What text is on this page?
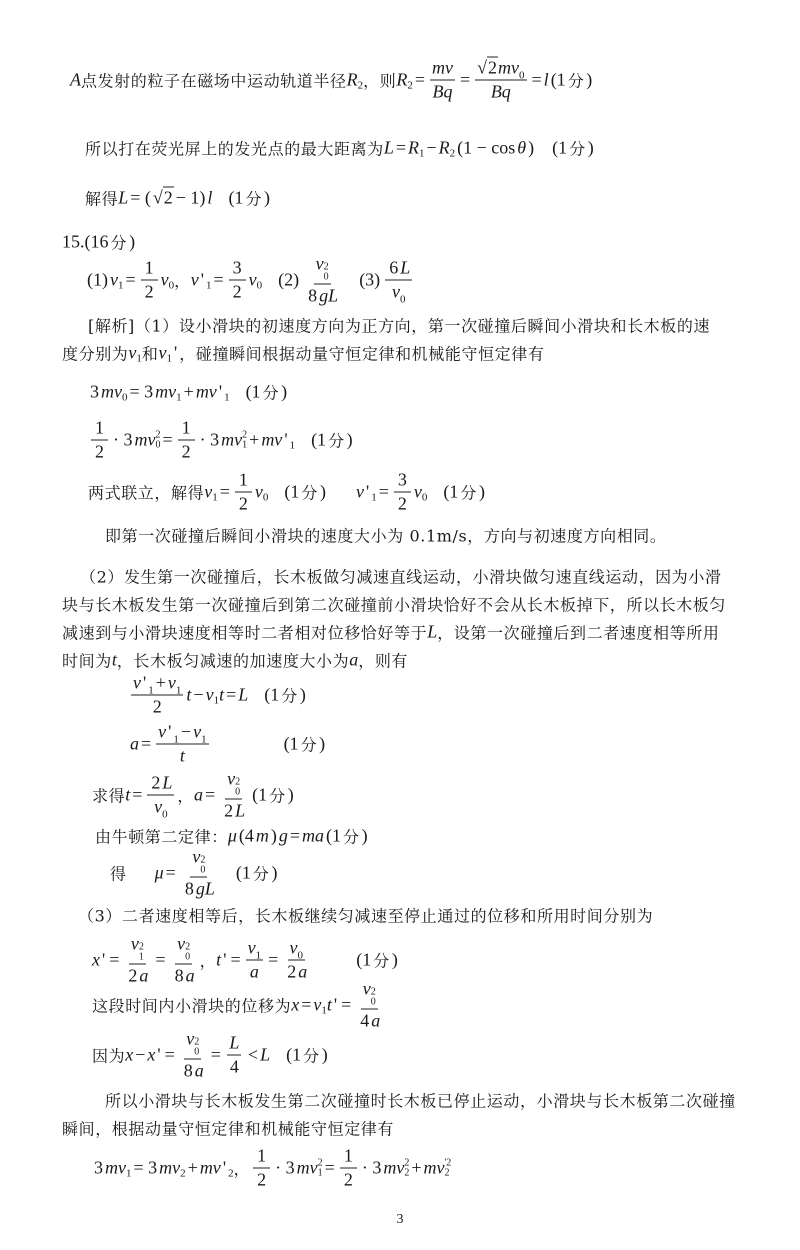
A 点发射的粒子在磁场中运动轨道半径 R 2 ，则 R $2 = \frac{mv}{Bq} = \frac{√2 mv 0}{Bq} = l$ (1 分 )
所以打在荧光屏上的发光点的最大距离为 L = R 1 − R 2 (1 − cos θ ) (1 分 )
解得 L = ( √2 − 1) l (1 分 )
15.(16 分 )
(1) v $1 = \frac{1}{2}$ v 0 ， v ' $1 = \frac{3}{2}$ v 0 (2) v 2
0
8 gL $(3) \frac{6 L}{v 0}$
[解析]（1）设小滑块的初速度方向为正方向，第一次碰撞后瞬间小滑块和长木板的速
度分别为 v 1 和 v 1 ' ，碰撞瞬间根据动量守恒定律和机械能守恒定律有
3 mv 0 = 3 mv 1 + mv ' 1 (1 分 )
$\frac{1}{2} \cdot 3$ mv 2
$0 = \frac{1}{2} \cdot 3$ mv 2
1 + mv ' 1 (1 分 )
两式联立，解得 v $1 = \frac{1}{2}$ v 0 (1 分 ) v ' $1 = \frac{3}{2}$ v 0 (1 分 )
即第一次碰撞后瞬间小滑块的速度大小为 0.1m/s，方向与初速度方向相同。
（2）发生第一次碰撞后，长木板做匀减速直线运动，小滑块做匀速直线运动，因为小滑
块与长木板发生第一次碰撞后到第二次碰撞前小滑块恰好不会从长木板掉下，所以长木板匀
减速到与小滑块速度相等时二者相对位移恰好等于 L ，设第一次碰撞后到二者速度相等所用
时间为 t ，长木板匀减速的加速度大小为 a ，则有
$\frac{v ' 1 + v 1}{2}$ t − v 1 t = L (1 分 )
$a = \frac{v ' 1 - v 1}{t}$	(1 分 )
求得 $t = \frac{2 L}{v 0}$ ， a = v 2
0
2 L (1 分 )
由牛顿第二定律： μ (4 m ) g = ma (1 分 )
得 μ = v 2
0
8 gL (1 分 )
（3）二者速度相等后，长木板继续匀减速至停止通过的位移和所用时间分别为
x ' = v 2
1
2 a = v 2
0
8 a ， t ' = $\frac{v 1}{a} = \frac{v 0}{2 a}$	(1 分 )
这段时间内小滑块的位移为 x = v 1 t ' = v 2
0
4 a
因为 x − x ' = v 2
0
8 $a = \frac{L}{4} < L$ (1 分 )
所以小滑块与长木板发生第二次碰撞时长木板已停止运动，小滑块与长木板第二次碰撞
瞬间，根据动量守恒定律和机械能守恒定律有
3 mv 1 = 3 mv 2 + mv ' 2 ， $\frac{1}{2} \cdot 3$ mv 2
$1 = \frac{1}{2} \cdot 3$ mv 2
2 + mv '2
2
3
